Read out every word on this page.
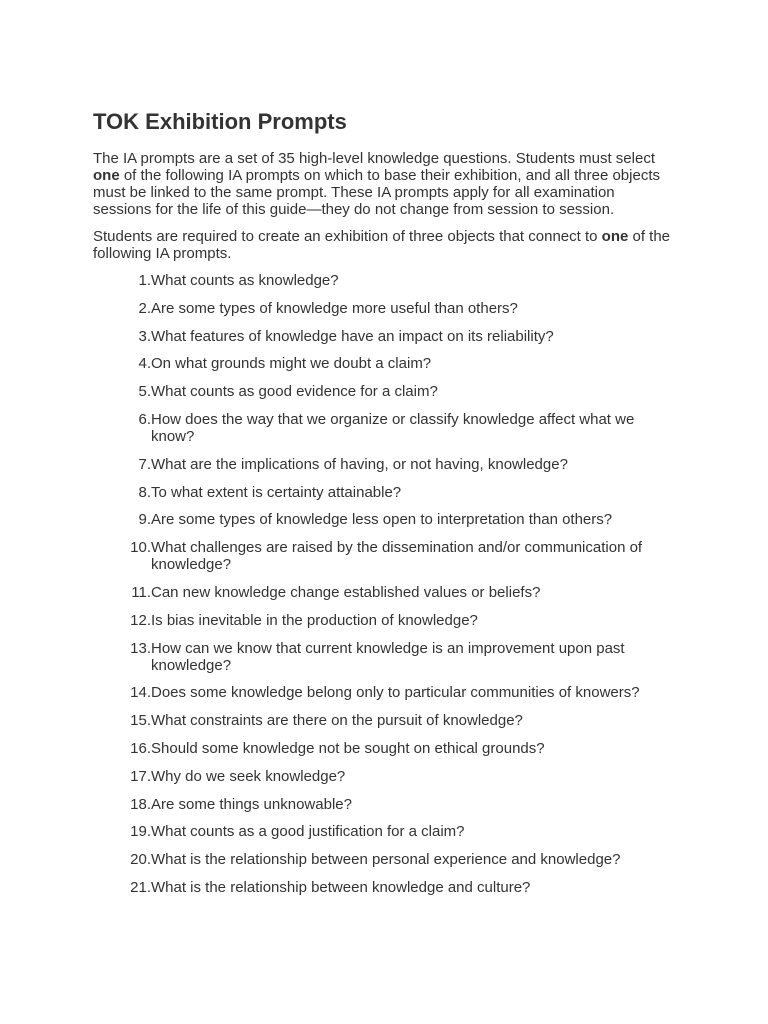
TOK Exhibition Prompts

The IA prompts are a set of 35 high-level knowledge questions. Students must select one of the following IA prompts on which to base their exhibition, and all three objects must be linked to the same prompt. These IA prompts apply for all examination sessions for the life of this guide—they do not change from session to session.

Students are required to create an exhibition of three objects that connect to one of the following IA prompts.

1. What counts as knowledge?
2. Are some types of knowledge more useful than others?
3. What features of knowledge have an impact on its reliability?
4. On what grounds might we doubt a claim?
5. What counts as good evidence for a claim?
6. How does the way that we organize or classify knowledge affect what we know?
7. What are the implications of having, or not having, knowledge?
8. To what extent is certainty attainable?
9. Are some types of knowledge less open to interpretation than others?
10. What challenges are raised by the dissemination and/or communication of knowledge?
11. Can new knowledge change established values or beliefs?
12. Is bias inevitable in the production of knowledge?
13. How can we know that current knowledge is an improvement upon past knowledge?
14. Does some knowledge belong only to particular communities of knowers?
15. What constraints are there on the pursuit of knowledge?
16. Should some knowledge not be sought on ethical grounds?
17. Why do we seek knowledge?
18. Are some things unknowable?
19. What counts as a good justification for a claim?
20. What is the relationship between personal experience and knowledge?
21. What is the relationship between knowledge and culture?
